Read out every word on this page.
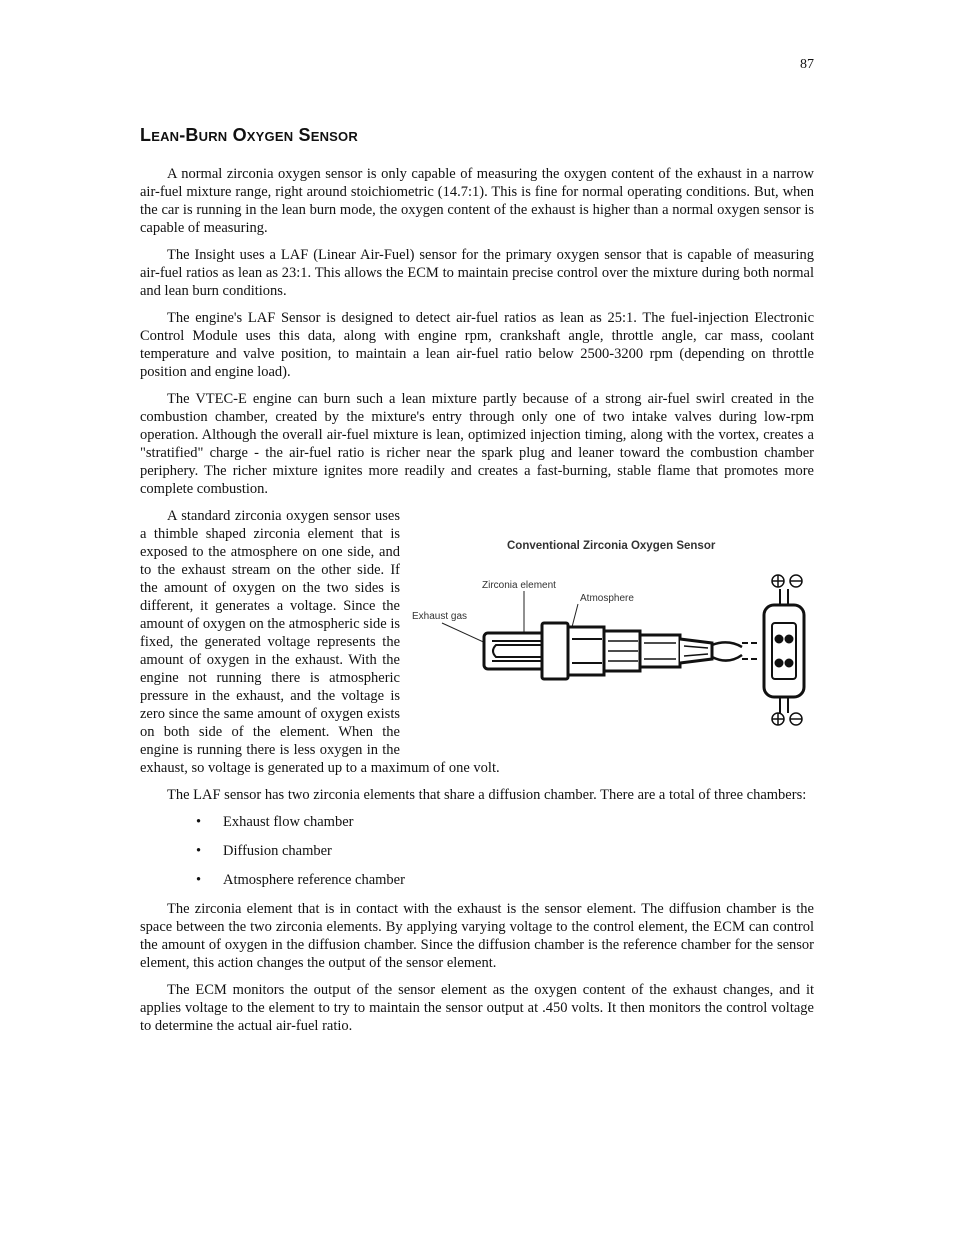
87
Lean-Burn Oxygen Sensor

A normal zirconia oxygen sensor is only capable of measuring the oxygen content of the exhaust in a narrow air-fuel mixture range, right around stoichiometric (14.7:1). This is fine for normal operating conditions. But, when the car is running in the lean burn mode, the oxygen content of the exhaust is higher than a normal oxygen sensor is capable of measuring.

The Insight uses a LAF (Linear Air-Fuel) sensor for the primary oxygen sensor that is capable of measuring air-fuel ratios as lean as 23:1. This allows the ECM to maintain precise control over the mixture during both normal and lean burn conditions.

The engine's LAF Sensor is designed to detect air-fuel ratios as lean as 25:1. The fuel-injection Electronic Control Module uses this data, along with engine rpm, crankshaft angle, throttle angle, car mass, coolant temperature and valve position, to maintain a lean air-fuel ratio below 2500-3200 rpm (depending on throttle position and engine load).

The VTEC-E engine can burn such a lean mixture partly because of a strong air-fuel swirl created in the combustion chamber, created by the mixture's entry through only one of two intake valves during low-rpm operation. Although the overall air-fuel mixture is lean, optimized injection timing, along with the vortex, creates a "stratified" charge - the air-fuel ratio is richer near the spark plug and leaner toward the combustion chamber periphery. The richer mixture ignites more readily and creates a fast-burning, stable flame that promotes more complete combustion.

Conventional Zirconia Oxygen Sensor
Zirconia element
Atmosphere
Exhaust gas

A standard zirconia oxygen sensor uses a thimble shaped zirconia element that is exposed to the atmosphere on one side, and to the exhaust stream on the other side. If the amount of oxygen on the two sides is different, it generates a voltage. Since the amount of oxygen on the atmospheric side is fixed, the generated voltage represents the amount of oxygen in the exhaust. With the engine not running there is atmospheric pressure in the exhaust, and the voltage is zero since the same amount of oxygen exists on both side of the element. When the engine is running there is less oxygen in the exhaust, so voltage is generated up to a maximum of one volt.

The LAF sensor has two zirconia elements that share a diffusion chamber. There are a total of three chambers:

• Exhaust flow chamber
• Diffusion chamber
• Atmosphere reference chamber

The zirconia element that is in contact with the exhaust is the sensor element. The diffusion chamber is the space between the two zirconia elements. By applying varying voltage to the control element, the ECM can control the amount of oxygen in the diffusion chamber. Since the diffusion chamber is the reference chamber for the sensor element, this action changes the output of the sensor element.

The ECM monitors the output of the sensor element as the oxygen content of the exhaust changes, and it applies voltage to the element to try to maintain the sensor output at .450 volts. It then monitors the control voltage to determine the actual air-fuel ratio.
